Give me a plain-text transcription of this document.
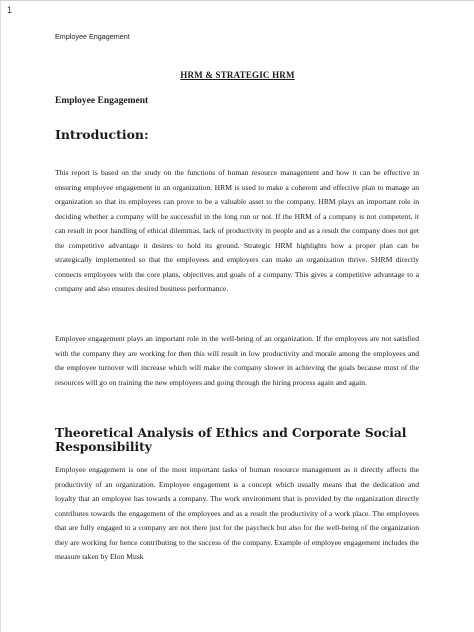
1
Employee Engagement
HRM & STRATEGIC HRM
Employee Engagement
Introduction:

This report is based on the study on the functions of human resource management and how it can be effective in ensuring employee engagement in an organization. HRM is used to make a coherent and effective plan to manage an organization so that its employees can prove to be a valuable asset to the company. HRM plays an important role in deciding whether a company will be successful in the long run or not. If the HRM of a company is not competent, it can result in poor handling of ethical dilemmas, lack of productivity in people and as a result the company does not get the competitive advantage it desires to hold its ground. Strategic HRM highlights how a proper plan can be strategically implemented so that the employees and employers can make an organization thrive. SHRM directly connects employees with the core plans, objectives and goals of a company. This gives a competitive advantage to a company and also ensures desired business performance.

Employee engagement plays an important role in the well-being of an organization. If the employees are not satisfied with the company they are working for then this will result in low productivity and morale among the employees and the employee turnover will increase which will make the company slower in achieving the goals because most of the resources will go on training the new employees and going through the hiring process again and again.

Theoretical Analysis of Ethics and Corporate Social Responsibility

Employee engagement is one of the most important tasks of human resource management as it directly affects the productivity of an organization. Employee engagement is a concept which usually means that the dedication and loyalty that an employee has towards a company. The work environment that is provided by the organization directly contributes towards the engagement of the employees and as a result the productivity of a work place. The employees that are fully engaged to a company are not there just for the paycheck but also for the well-being of the organization they are working for hence contributing to the success of the company. Example of employee engagement includes the measure taken by Elon Musk
